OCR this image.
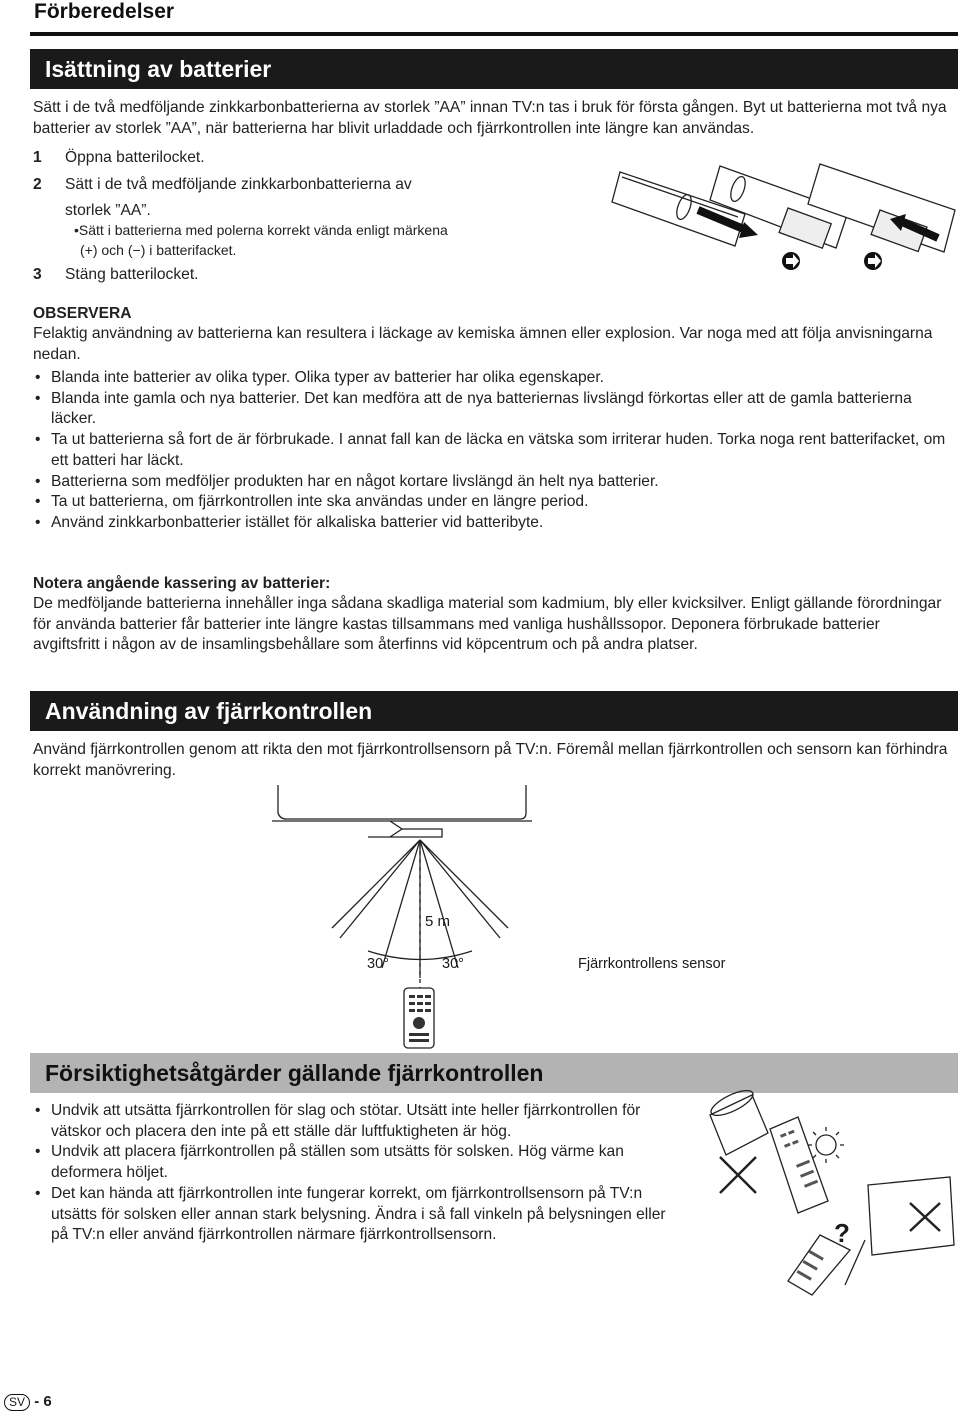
Förberedelser
Isättning av batterier
Sätt i de två medföljande zinkkarbonbatterierna av storlek ”AA” innan TV:n tas i bruk för första gången. Byt ut batterierna mot två nya batterier av storlek ”AA”, när batterierna har blivit urladdade och fjärrkontrollen inte längre kan användas.
1 Öppna batterilocket.
2 Sätt i de två medföljande zinkkarbonbatterierna av
storlek ”AA”.
•Sätt i batterierna med polerna korrekt vända enligt märkena
(+) och (−) i batterifacket.
3 Stäng batterilocket.
OBSERVERA
Felaktig användning av batterierna kan resultera i läckage av kemiska ämnen eller explosion. Var noga med att följa anvisningarna nedan.
• Blanda inte batterier av olika typer. Olika typer av batterier har olika egenskaper.
• Blanda inte gamla och nya batterier. Det kan medföra att de nya batteriernas livslängd förkortas eller att de gamla batterierna läcker.
• Ta ut batterierna så fort de är förbrukade. I annat fall kan de läcka en vätska som irriterar huden. Torka noga rent batterifacket, om ett batteri har läckt.
• Batterierna som medföljer produkten har en något kortare livslängd än helt nya batterier.
• Ta ut batterierna, om fjärrkontrollen inte ska användas under en längre period.
• Använd zinkkarbonbatterier istället för alkaliska batterier vid batteribyte.
Notera angående kassering av batterier:
De medföljande batterierna innehåller inga sådana skadliga material som kadmium, bly eller kvicksilver. Enligt gällande förordningar för använda batterier får batterier inte längre kastas tillsammans med vanliga hushållssopor. Deponera förbrukade batterier avgiftsfritt i någon av de insamlingsbehållare som återfinns vid köpcentrum och på andra platser.
Användning av fjärrkontrollen
Använd fjärrkontrollen genom att rikta den mot fjärrkontrollsensorn på TV:n. Föremål mellan fjärrkontrollen och sensorn kan förhindra korrekt manövrering.
5 m
30°	30°	Fjärrkontrollens sensor
Försiktighetsåtgärder gällande fjärrkontrollen
• Undvik att utsätta fjärrkontrollen för slag och stötar. Utsätt inte heller fjärrkontrollen för vätskor och placera den inte på ett ställe där luftfuktigheten är hög.
• Undvik att placera fjärrkontrollen på ställen som utsätts för solsken. Hög värme kan deformera höljet.
• Det kan hända att fjärrkontrollen inte fungerar korrekt, om fjärrkontrollsensorn på TV:n utsätts för solsken eller annan stark belysning. Ändra i så fall vinkeln på belysningen eller på TV:n eller använd fjärrkontrollen närmare fjärrkontrollsensorn.	?
SV - 6
